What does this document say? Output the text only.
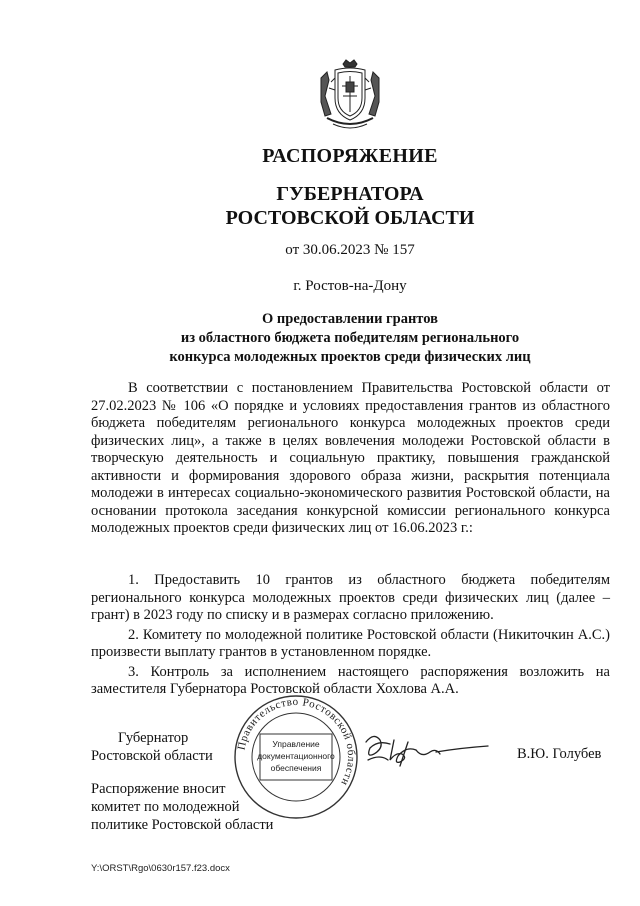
РАСПОРЯЖЕНИЕ
ГУБЕРНАТОРА
РОСТОВСКОЙ ОБЛАСТИ
от 30.06.2023 № 157
г. Ростов-на-Дону
О предоставлении грантов
из областного бюджета победителям регионального
конкурса молодежных проектов среди физических лиц

В соответствии с постановлением Правительства Ростовской области от 27.02.2023 № 106 «О порядке и условиях предоставления грантов из областного бюджета победителям регионального конкурса молодежных проектов среди физических лиц», а также в целях вовлечения молодежи Ростовской области в творческую деятельность и социальную практику, повышения гражданской активности и формирования здорового образа жизни, раскрытия потенциала молодежи в интересах социально-экономического развития Ростовской области, на основании протокола заседания конкурсной комиссии регионального конкурса молодежных проектов среди физических лиц от 16.06.2023 г.:

1. Предоставить 10 грантов из областного бюджета победителям регионального конкурса молодежных проектов среди физических лиц (далее – грант) в 2023 году по списку и в размерах согласно приложению.

2. Комитету по молодежной политике Ростовской области (Никиточкин А.С.) произвести выплату грантов в установленном порядке.

3. Контроль за исполнением настоящего распоряжения возложить на заместителя Губернатора Ростовской области Хохлова А.А.

Губернатор
Ростовской области
Правительство Ростовской области
Управление
документационного
обеспечения
В.Ю. Голубев
Распоряжение вносит
комитет по молодежной
политике Ростовской области
Y:\ORST\Rgo\0630r157.f23.docx
